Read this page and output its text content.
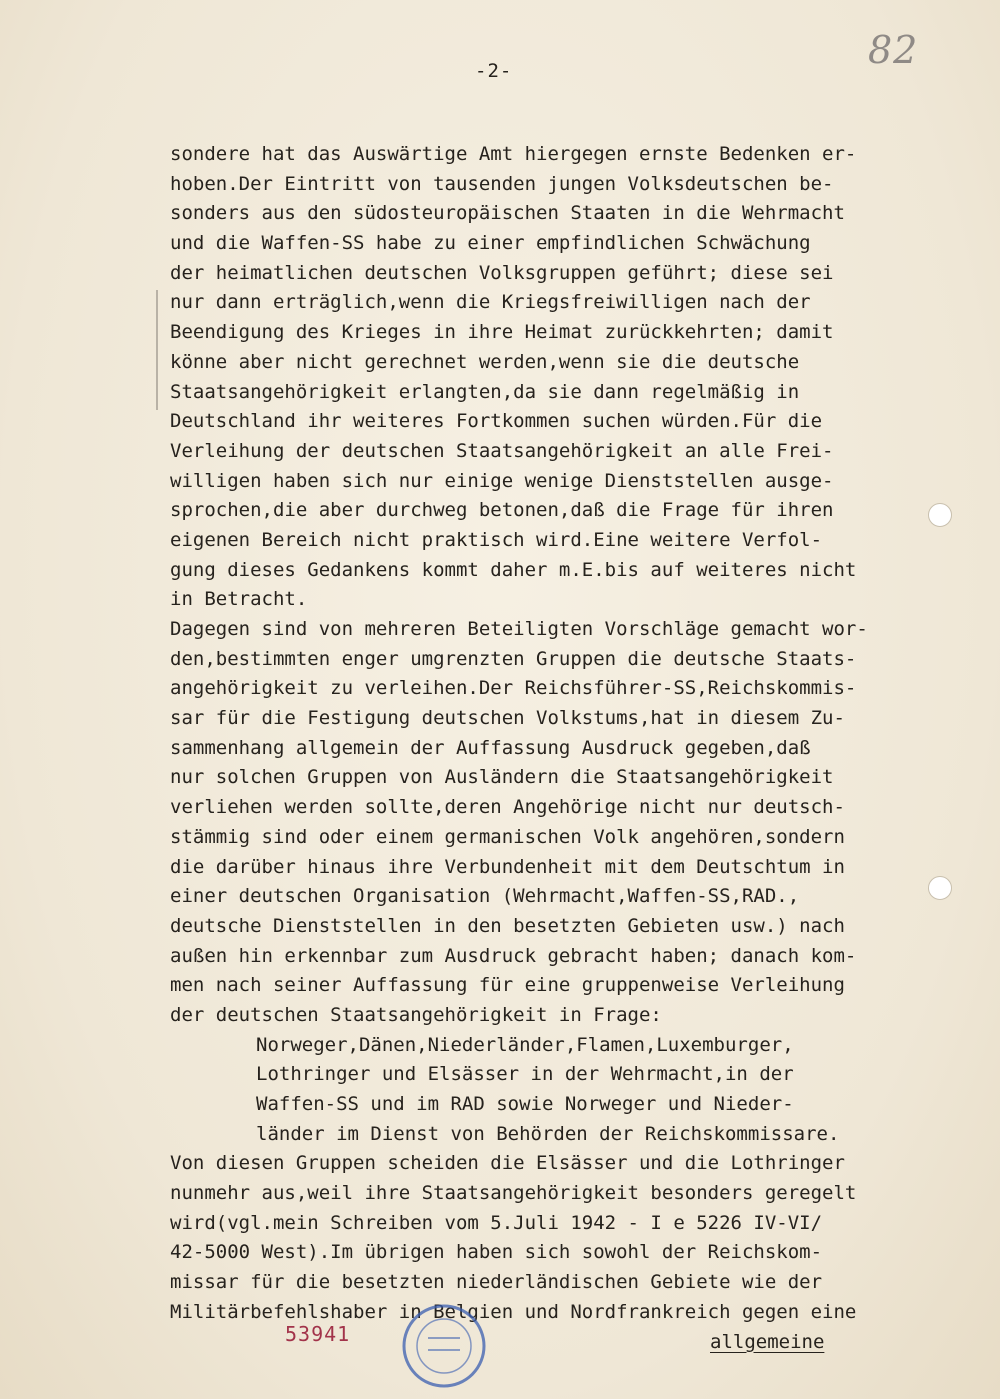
82
-2-
sondere hat das Auswärtige Amt hiergegen ernste Bedenken er-
hoben.Der Eintritt von tausenden jungen Volksdeutschen be-
sonders aus den südosteuropäischen Staaten in die Wehrmacht
und die Waffen-SS habe zu einer empfindlichen Schwächung
der heimatlichen deutschen Volksgruppen geführt; diese sei
nur dann erträglich,wenn die Kriegsfreiwilligen nach der
Beendigung des Krieges in ihre Heimat zurückkehrten; damit
könne aber nicht gerechnet werden,wenn sie die deutsche
Staatsangehörigkeit erlangten,da sie dann regelmäßig in
Deutschland ihr weiteres Fortkommen suchen würden.Für die
Verleihung der deutschen Staatsangehörigkeit an alle Frei-
willigen haben sich nur einige wenige Dienststellen ausge-
sprochen,die aber durchweg betonen,daß die Frage für ihren
eigenen Bereich nicht praktisch wird.Eine weitere Verfol-
gung dieses Gedankens kommt daher m.E.bis auf weiteres nicht
in Betracht.
Dagegen sind von mehreren Beteiligten Vorschläge gemacht wor-
den,bestimmten enger umgrenzten Gruppen die deutsche Staats-
angehörigkeit zu verleihen.Der Reichsführer-SS,Reichskommis-
sar für die Festigung deutschen Volkstums,hat in diesem Zu-
sammenhang allgemein der Auffassung Ausdruck gegeben,daß
nur solchen Gruppen von Ausländern die Staatsangehörigkeit
verliehen werden sollte,deren Angehörige nicht nur deutsch-
stämmig sind oder einem germanischen Volk angehören,sondern
die darüber hinaus ihre Verbundenheit mit dem Deutschtum in
einer deutschen Organisation (Wehrmacht,Waffen-SS,RAD.,
deutsche Dienststellen in den besetzten Gebieten usw.) nach
außen hin erkennbar zum Ausdruck gebracht haben; danach kom-
men nach seiner Auffassung für eine gruppenweise Verleihung
der deutschen Staatsangehörigkeit in Frage:
Norweger,Dänen,Niederländer,Flamen,Luxemburger,
Lothringer und Elsässer in der Wehrmacht,in der
Waffen-SS und im RAD sowie Norweger und Nieder-
länder im Dienst von Behörden der Reichskommissare.
Von diesen Gruppen scheiden die Elsässer und die Lothringer
nunmehr aus,weil ihre Staatsangehörigkeit besonders geregelt
wird(vgl.mein Schreiben vom 5.Juli 1942 - I e 5226 IV-VI/
42-5000 West).Im übrigen haben sich sowohl der Reichskom-
missar für die besetzten niederländischen Gebiete wie der
Militärbefehlshaber in Belgien und Nordfrankreich gegen eine
allgemeine
53941
